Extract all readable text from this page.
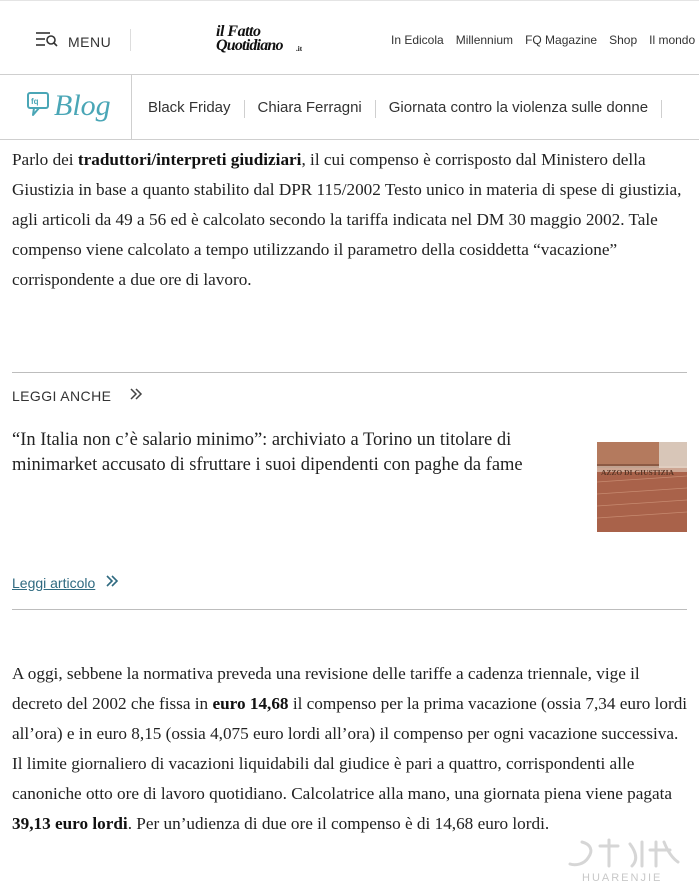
MENU
il Fatto
Quotidiano .it
In Edicola Millennium FQ Magazine Shop Il mondo
fq Blog Black Friday Chiara Ferragni Giornata contro la violenza sulle donne

Parlo dei traduttori/interpreti giudiziari, il cui compenso è corrisposto dal Ministero della Giustizia in base a quanto stabilito dal DPR 115/2002 Testo unico in materia di spese di giustizia, agli articoli da 49 a 56 ed è calcolato secondo la tariffa indicata nel DM 30 maggio 2002. Tale compenso viene calcolato a tempo utilizzando il parametro della cosiddetta “vacazione” corrispondente a due ore di lavoro.

LEGGI ANCHE

“In Italia non c’è salario minimo”: archiviato a Torino un titolare di minimarket accusato di sfruttare i suoi dipendenti con paghe da fame	AZZO DI GIUSTIZIA
Leggi articolo

A oggi, sebbene la normativa preveda una revisione delle tariffe a cadenza triennale, vige il decreto del 2002 che fissa in euro 14,68 il compenso per la prima vacazione (ossia 7,34 euro lordi all’ora) e in euro 8,15 (ossia 4,075 euro lordi all’ora) il compenso per ogni vacazione successiva. Il limite giornaliero di vacazioni liquidabili dal giudice è pari a quattro, corrispondenti alle canoniche otto ore di lavoro quotidiano. Calcolatrice alla mano, una giornata piena viene pagata 39,13 euro lordi. Per un’udienza di due ore il compenso è di 14,68 euro lordi.

HUARENJIE
